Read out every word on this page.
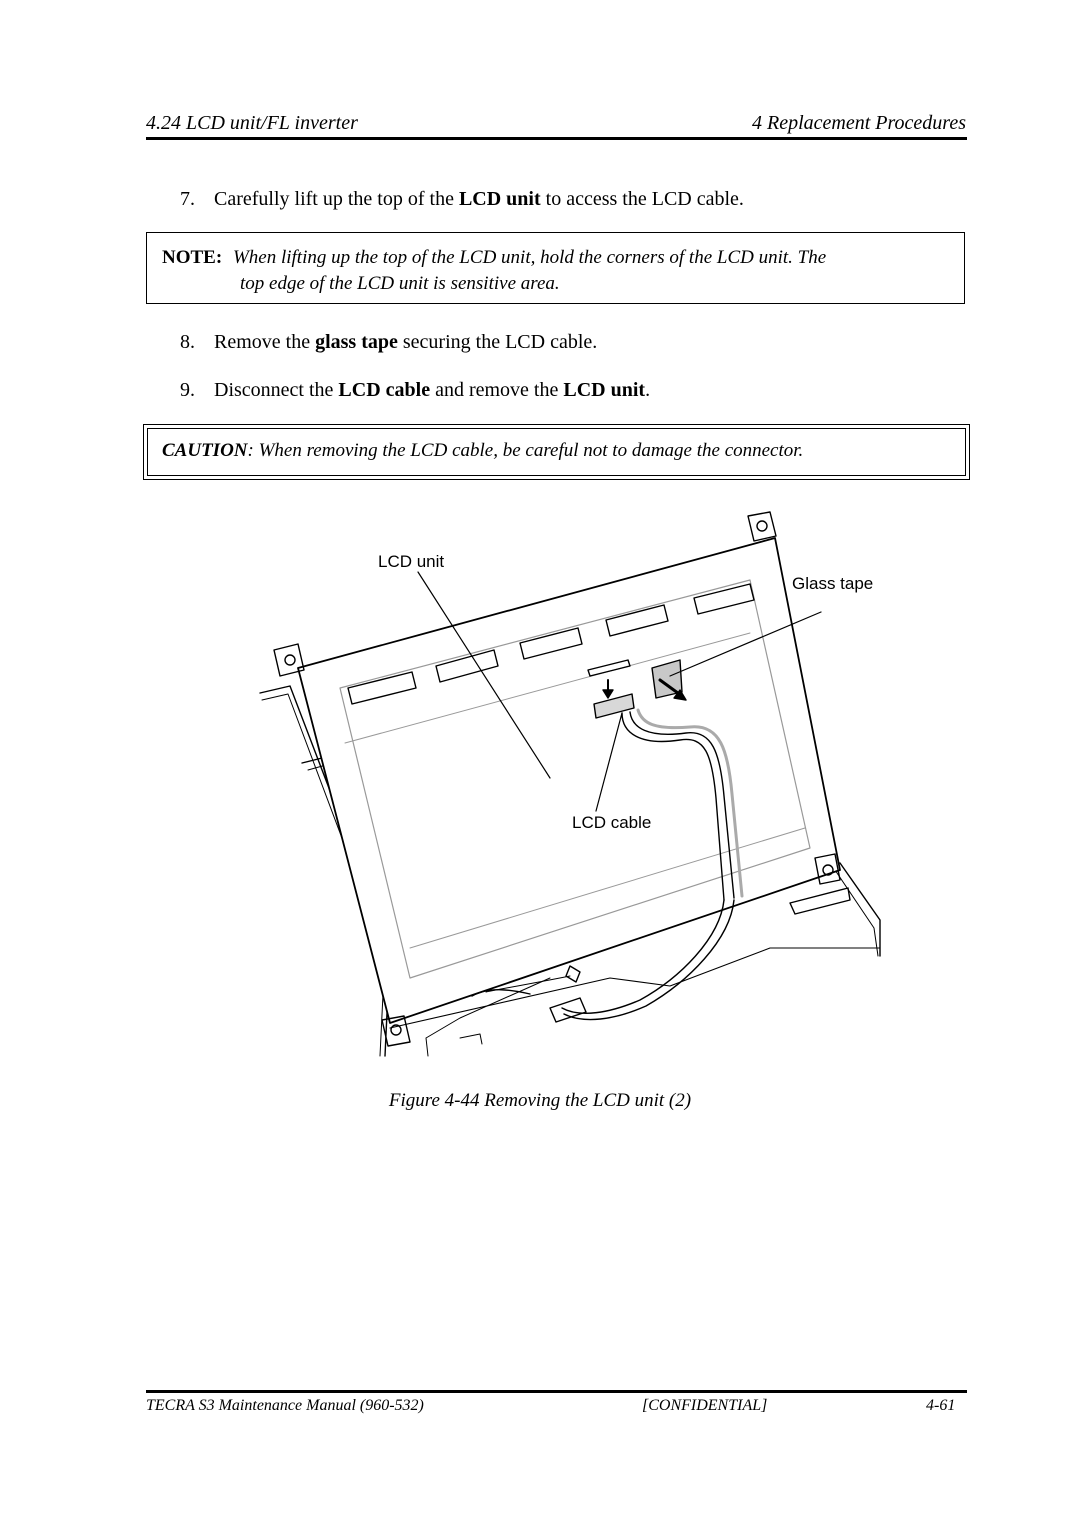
4.24 LCD unit/FL inverter	4 Replacement Procedures
7. Carefully lift up the top of the LCD unit to access the LCD cable.
NOTE: When lifting up the top of the LCD unit, hold the corners of the LCD unit. The
top edge of the LCD unit is sensitive area.
8. Remove the glass tape securing the LCD cable.
9. Disconnect the LCD cable and remove the LCD unit.
CAUTION: When removing the LCD cable, be careful not to damage the connector.
LCD unit
Glass tape
LCD cable
Figure 4-44 Removing the LCD unit (2)
TECRA S3 Maintenance Manual (960-532)	[CONFIDENTIAL]	4-61
